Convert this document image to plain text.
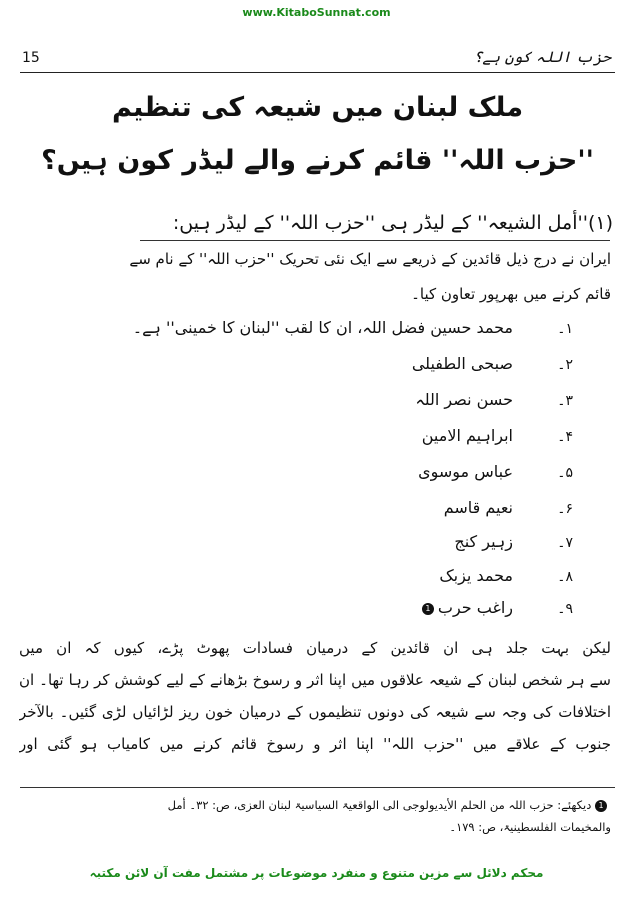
www.KitaboSunnat.com
15	حزب اللہ کون ہے؟
ملک لبنان میں شیعہ کی تنظیم
''حزب اللہ'' قائم کرنے والے لیڈر کون ہیں؟
(۱)''أمل الشیعہ'' کے لیڈر ہی ''حزب اللہ'' کے لیڈر ہیں:
ایران نے درج ذیل قائدین کے ذریعے سے ایک نئی تحریک ''حزب اللہ'' کے نام سے
قائم کرنے میں بھرپور تعاون کیا۔
۱۔محمد حسین فضل اللہ، ان کا لقب ''لبنان کا خمینی'' ہے۔
۲۔صبحی الطفیلی
۳۔حسن نصر اللہ
۴۔ابراہیم الامین
۵۔عباس موسوی
۶۔نعیم قاسم
۷۔زہیر کنج
۸۔محمد یزبک
۹۔راغب حرب1
لیکن بہت جلد ہی ان قائدین کے درمیان فسادات پھوٹ پڑے، کیوں کہ ان میں
سے ہر شخص لبنان کے شیعہ علاقوں میں اپنا اثر و رسوخ بڑھانے کے لیے کوشش کر رہا تھا۔ ان
اختلافات کی وجہ سے شیعہ کی دونوں تنظیموں کے درمیان خون ریز لڑائیاں لڑی گئیں۔ بالآخر
جنوب کے علاقے میں ''حزب اللہ'' اپنا اثر و رسوخ قائم کرنے میں کامیاب ہو گئی اور
1 دیکھئے: حزب اللہ من الحلم الأیدیولوجی الی الواقعیۃ السیاسیۃ لبنان العزی، ص: ۳۲۔ أمل
والمخیمات الفلسطینیۃ، ص: ۱۷۹۔
محکم دلائل سے مزین متنوع و منفرد موضوعات پر مشتمل مفت آن لائن مکتبہ
